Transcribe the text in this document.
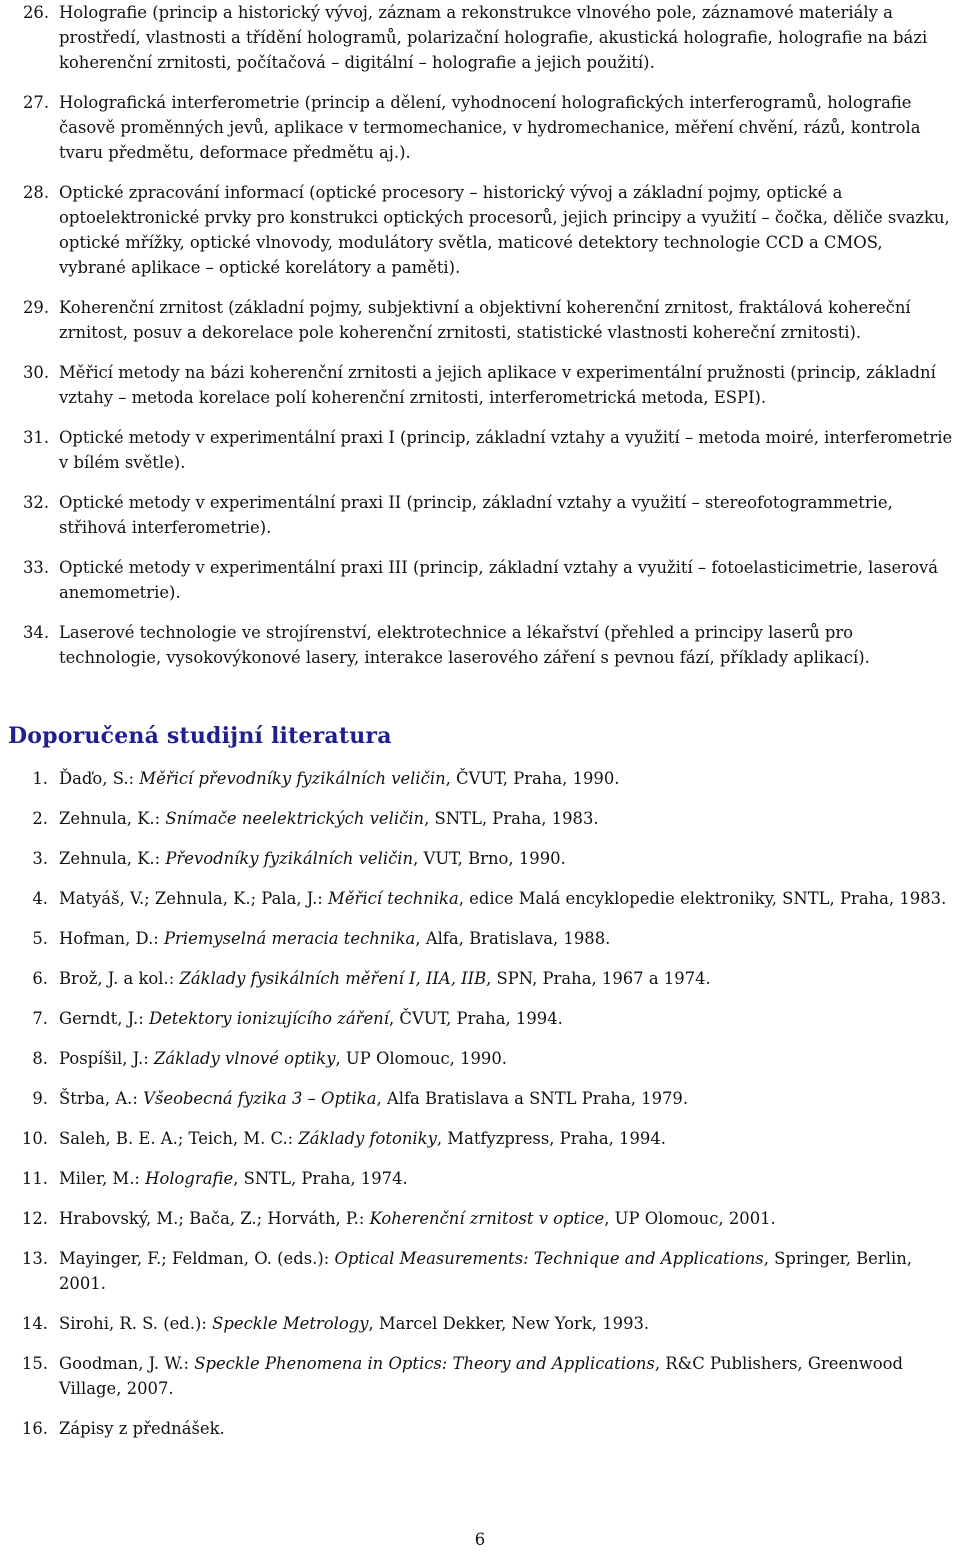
26. Holografie (princip a historický vývoj, záznam a rekonstrukce vlnového pole, záznamové materiály a prostředí, vlastnosti a třídění hologramů, polarizační holografie, akustická holografie, holografie na bázi koherenční zrnitosti, počítačová – digitální – holografie a jejich použití).
27. Holografická interferometrie (princip a dělení, vyhodnocení holografických interferogramů, holografie časově proměnných jevů, aplikace v termomechanice, v hydromechanice, měření chvění, rázů, kontrola tvaru předmětu, deformace předmětu aj.).
28. Optické zpracování informací (optické procesory – historický vývoj a základní pojmy, optické a optoelektronické prvky pro konstrukci optických procesorů, jejich principy a využití – čočka, děliče svazku, optické mřížky, optické vlnovody, modulátory světla, maticové detektory technologie CCD a CMOS, vybrané aplikace – optické korelátory a paměti).
29. Koherenční zrnitost (základní pojmy, subjektivní a objektivní koherenční zrnitost, fraktálová kohereční zrnitost, posuv a dekorelace pole koherenční zrnitosti, statistické vlastnosti kohereční zrnitosti).
30. Měřicí metody na bázi koherenční zrnitosti a jejich aplikace v experimentální pružnosti (princip, základní vztahy – metoda korelace polí koherenční zrnitosti, interferometrická metoda, ESPI).
31. Optické metody v experimentální praxi I (princip, základní vztahy a využití – metoda moiré, interferometrie v bílém světle).
32. Optické metody v experimentální praxi II (princip, základní vztahy a využití – stereofotogrammetrie, střihová interferometrie).
33. Optické metody v experimentální praxi III (princip, základní vztahy a využití – fotoelasticimetrie, laserová anemometrie).
34. Laserové technologie ve strojírenství, elektrotechnice a lékařství (přehled a principy laserů pro technologie, vysokovýkonové lasery, interakce laserového záření s pevnou fází, příklady aplikací).
Doporučená studijní literatura
1. Ďaďo, S.: Měřicí převodníky fyzikálních veličin, ČVUT, Praha, 1990.
2. Zehnula, K.: Snímače neelektrických veličin, SNTL, Praha, 1983.
3. Zehnula, K.: Převodníky fyzikálních veličin, VUT, Brno, 1990.
4. Matyáš, V.; Zehnula, K.; Pala, J.: Měřicí technika, edice Malá encyklopedie elektroniky, SNTL, Praha, 1983.
5. Hofman, D.: Priemyselná meracia technika, Alfa, Bratislava, 1988.
6. Brož, J. a kol.: Základy fysikálních měření I, IIA, IIB, SPN, Praha, 1967 a 1974.
7. Gerndt, J.: Detektory ionizujícího záření, ČVUT, Praha, 1994.
8. Pospíšil, J.: Základy vlnové optiky, UP Olomouc, 1990.
9. Štrba, A.: Všeobecná fyzika 3 – Optika, Alfa Bratislava a SNTL Praha, 1979.
10. Saleh, B. E. A.; Teich, M. C.: Základy fotoniky, Matfyzpress, Praha, 1994.
11. Miler, M.: Holografie, SNTL, Praha, 1974.
12. Hrabovský, M.; Bača, Z.; Horváth, P.: Koherenční zrnitost v optice, UP Olomouc, 2001.
13. Mayinger, F.; Feldman, O. (eds.): Optical Measurements: Technique and Applications, Springer, Berlin, 2001.
14. Sirohi, R. S. (ed.): Speckle Metrology, Marcel Dekker, New York, 1993.
15. Goodman, J. W.: Speckle Phenomena in Optics: Theory and Applications, R&C Publishers, Greenwood Village, 2007.
16. Zápisy z přednášek.
6
